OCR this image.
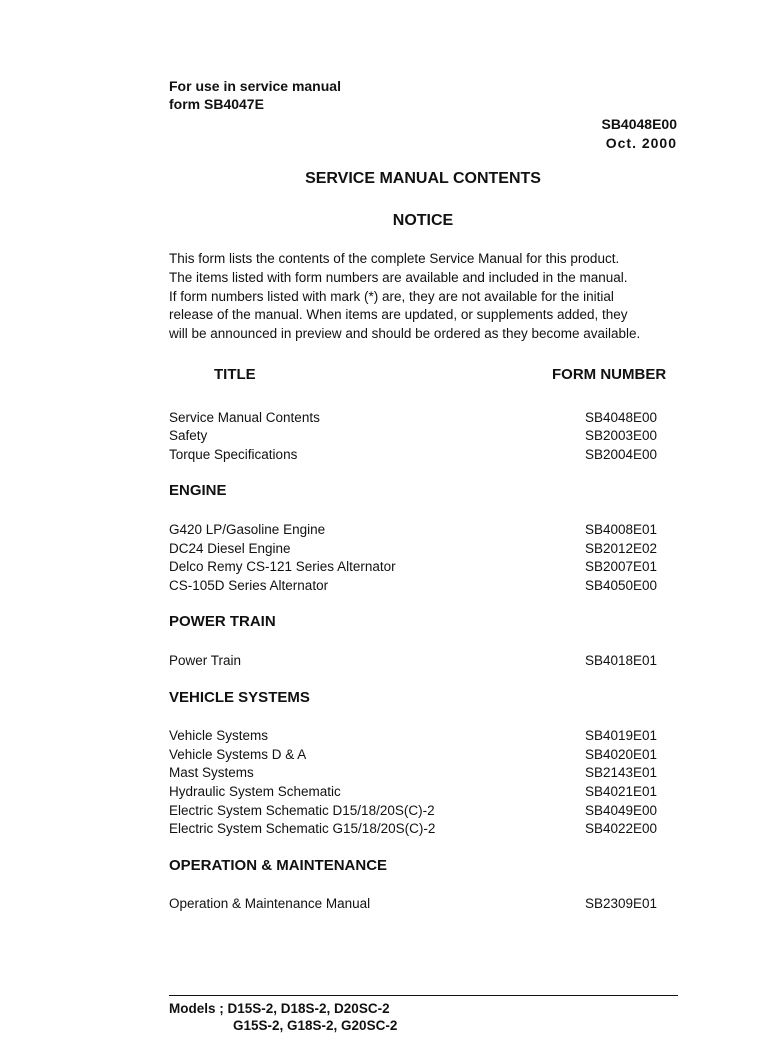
For use in service manual
form SB4047E
SB4048E00
Oct. 2000
SERVICE MANUAL CONTENTS
NOTICE
This form lists the contents of the complete Service Manual for this product.
The items listed with form numbers are available and included in the manual.
If form numbers listed with mark (*) are, they are not available for the initial
release of the manual. When items are updated, or supplements added, they
will be announced in preview and should be ordered as they become available.
TITLE	FORM NUMBER
Service Manual Contents	SB4048E00
Safety	SB2003E00
Torque Specifications	SB2004E00
ENGINE
G420 LP/Gasoline Engine	SB4008E01
DC24 Diesel Engine	SB2012E02
Delco Remy CS-121 Series Alternator	SB2007E01
CS-105D Series Alternator	SB4050E00
POWER TRAIN
Power Train	SB4018E01
VEHICLE SYSTEMS
Vehicle Systems	SB4019E01
Vehicle Systems D & A	SB4020E01
Mast Systems	SB2143E01
Hydraulic System Schematic	SB4021E01
Electric System Schematic D15/18/20S(C)-2	SB4049E00
Electric System Schematic G15/18/20S(C)-2	SB4022E00
OPERATION & MAINTENANCE
Operation & Maintenance Manual	SB2309E01
Models ; D15S-2, D18S-2, D20SC-2
G15S-2, G18S-2, G20SC-2
